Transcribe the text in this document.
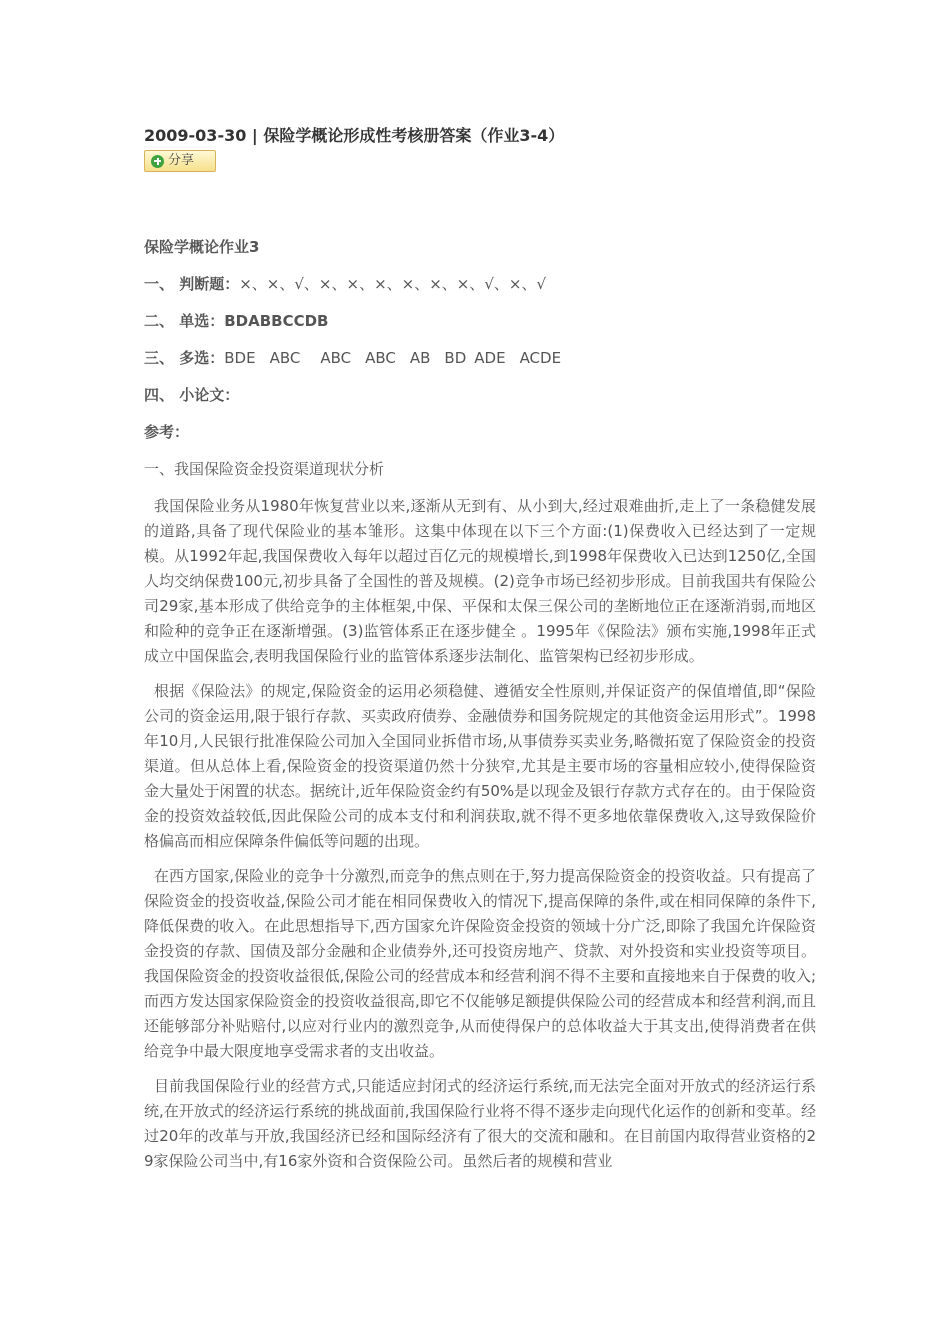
2009-03-30 | 保险学概论形成性考核册答案（作业3-4）
分享

保险学概论作业3

一、 判断题：×、×、√、×、×、×、×、×、×、√、×、√

二、 单选：BDABBCCDB

三、 多选：BDE ABC ABC ABC AB BD ADE ACDE

四、 小论文：

参考：

一、我国保险资金投资渠道现状分析

我国保险业务从1980年恢复营业以来,逐渐从无到有、从小到大,经过艰难曲折,走上了一条稳健发展的道路,具备了现代保险业的基本雏形。这集中体现在以下三个方面:(1)保费收入已经达到了一定规模。从1992年起,我国保费收入每年以超过百亿元的规模增长,到1998年保费收入已达到1250亿,全国人均交纳保费100元,初步具备了全国性的普及规模。(2)竞争市场已经初步形成。目前我国共有保险公司29家,基本形成了供给竞争的主体框架,中保、平保和太保三保公司的垄断地位正在逐渐消弱,而地区和险种的竞争正在逐渐增强。(3)监管体系正在逐步健全 。1995年《保险法》颁布实施,1998年正式成立中国保监会,表明我国保险行业的监管体系逐步法制化、监管架构已经初步形成。

根据《保险法》的规定,保险资金的运用必须稳健、遵循安全性原则,并保证资产的保值增值,即“保险公司的资金运用,限于银行存款、买卖政府债券、金融债券和国务院规定的其他资金运用形式”。1998年10月,人民银行批准保险公司加入全国同业拆借市场,从事债券买卖业务,略微拓宽了保险资金的投资渠道。但从总体上看,保险资金的投资渠道仍然十分狭窄,尤其是主要市场的容量相应较小,使得保险资金大量处于闲置的状态。据统计,近年保险资金约有50%是以现金及银行存款方式存在的。由于保险资金的投资效益较低,因此保险公司的成本支付和利润获取,就不得不更多地依靠保费收入,这导致保险价格偏高而相应保障条件偏低等问题的出现。

在西方国家,保险业的竞争十分激烈,而竞争的焦点则在于,努力提高保险资金的投资收益。只有提高了保险资金的投资收益,保险公司才能在相同保费收入的情况下,提高保障的条件,或在相同保障的条件下,降低保费的收入。在此思想指导下,西方国家允许保险资金投资的领域十分广泛,即除了我国允许保险资金投资的存款、国债及部分金融和企业债券外,还可投资房地产、贷款、对外投资和实业投资等项目。我国保险资金的投资收益很低,保险公司的经营成本和经营利润不得不主要和直接地来自于保费的收入;而西方发达国家保险资金的投资收益很高,即它不仅能够足额提供保险公司的经营成本和经营利润,而且还能够部分补贴赔付,以应对行业内的激烈竞争,从而使得保户的总体收益大于其支出,使得消费者在供给竞争中最大限度地享受需求者的支出收益。

目前我国保险行业的经营方式,只能适应封闭式的经济运行系统,而无法完全面对开放式的经济运行系统,在开放式的经济运行系统的挑战面前,我国保险行业将不得不逐步走向现代化运作的创新和变革。经过20年的改革与开放,我国经济已经和国际经济有了很大的交流和融和。在目前国内取得营业资格的29家保险公司当中,有16家外资和合资保险公司。虽然后者的规模和营业
